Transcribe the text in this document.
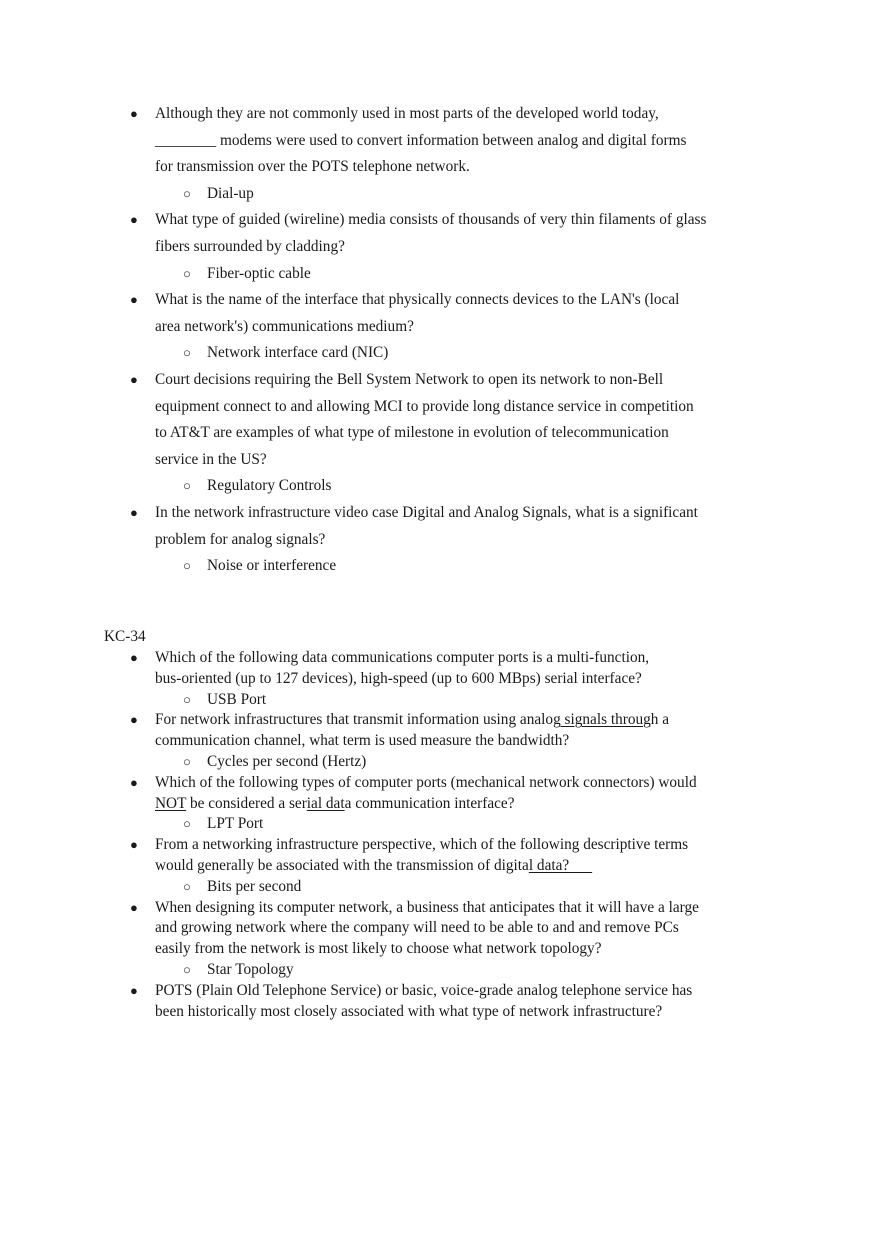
● Although they are not commonly used in most parts of the developed world today,
________ modems were used to convert information between analog and digital forms
for transmission over the POTS telephone network.
○ Dial-up
● What type of guided (wireline) media consists of thousands of very thin filaments of glass
fibers surrounded by cladding?
○ Fiber-optic cable
● What is the name of the interface that physically connects devices to the LAN's (local
area network's) communications medium?
○ Network interface card (NIC)
● Court decisions requiring the Bell System Network to open its network to non-Bell
equipment connect to and allowing MCI to provide long distance service in competition
to AT&T are examples of what type of milestone in evolution of telecommunication
service in the US?
○ Regulatory Controls
● In the network infrastructure video case Digital and Analog Signals, what is a significant
problem for analog signals?
○ Noise or interference
KC-34
● Which of the following data communications computer ports is a multi-function,
bus-oriented (up to 127 devices), high-speed (up to 600 MBps) serial interface?
○ USB Port
● For network infrastructures that transmit information using analog signals through a
communication channel, what term is used measure the bandwidth?
○ Cycles per second (Hertz)
● Which of the following types of computer ports (mechanical network connectors) would
NOT be considered a serial data communication interface?
○ LPT Port
● From a networking infrastructure perspective, which of the following descriptive terms
would generally be associated with the transmission of digital data?
○ Bits per second
● When designing its computer network, a business that anticipates that it will have a large
and growing network where the company will need to be able to and and remove PCs
easily from the network is most likely to choose what network topology?
○ Star Topology
● POTS (Plain Old Telephone Service) or basic, voice-grade analog telephone service has
been historically most closely associated with what type of network infrastructure?
